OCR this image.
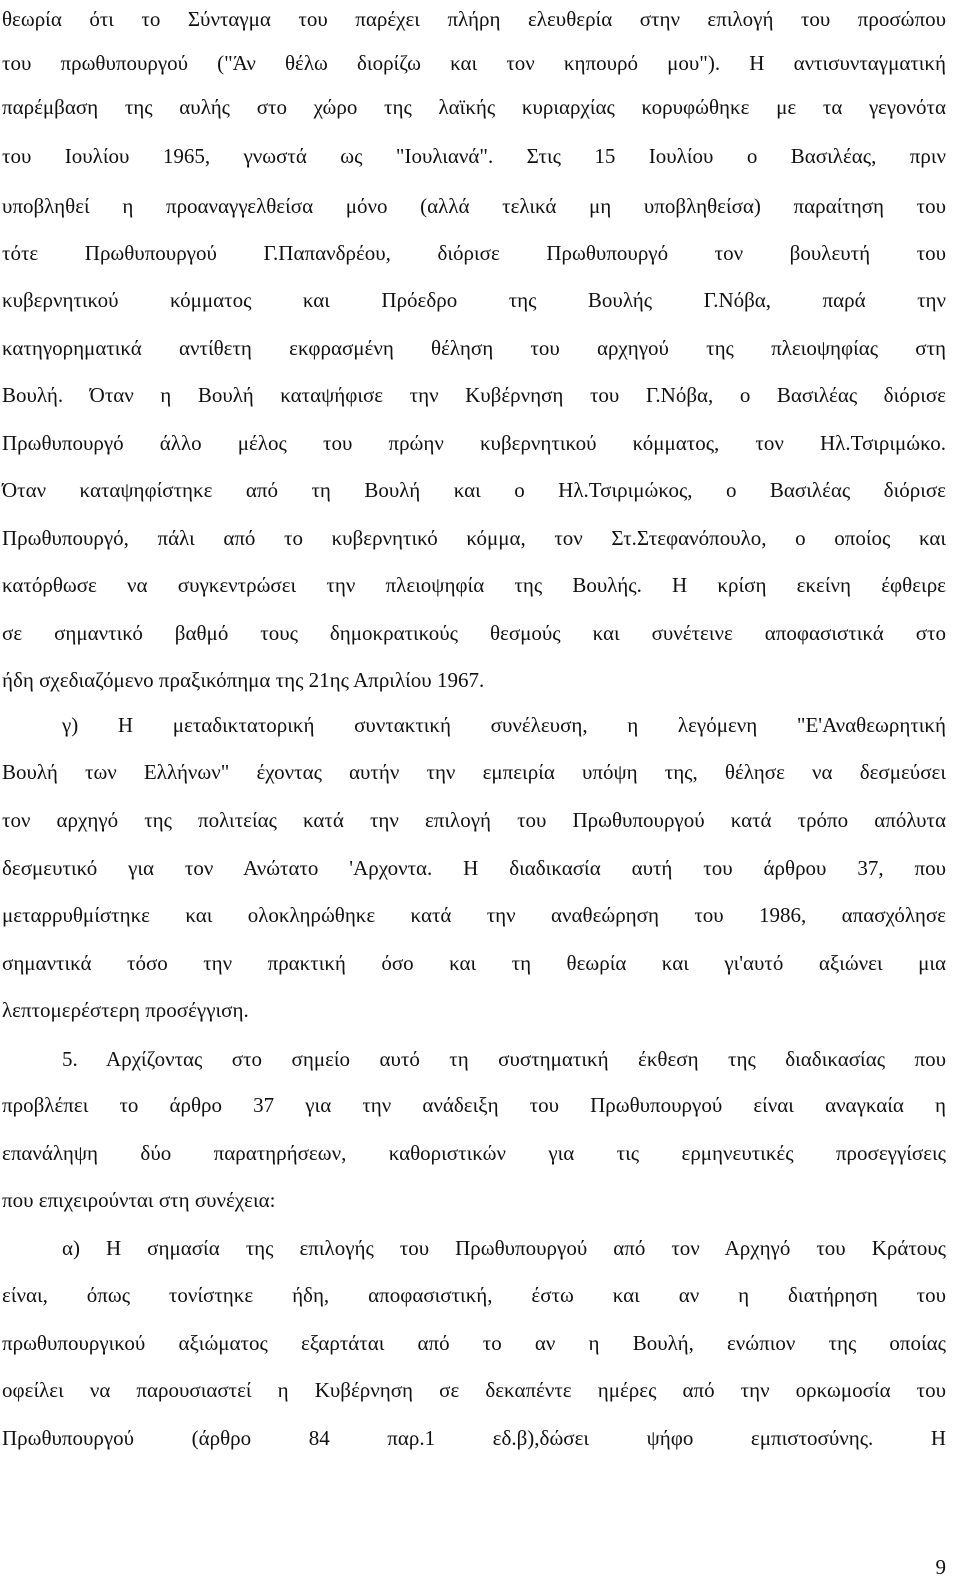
θεωρία ότι το Σύνταγμα του παρέχει πλήρη ελευθερία στην επιλογή του προσώπου
του πρωθυπουργού ("Άν θέλω διορίζω και τον κηπουρό μου"). Η αντισυνταγματική
παρέμβαση της αυλής στο χώρο της λαϊκής κυριαρχίας κορυφώθηκε με τα γεγονότα
του Ιουλίου 1965, γνωστά ως "Ιουλιανά". Στις 15 Ιουλίου ο Βασιλέας, πριν
υποβληθεί η προαναγγελθείσα μόνο (αλλά τελικά μη υποβληθείσα) παραίτηση του
τότε Πρωθυπουργού Γ.Παπανδρέου, διόρισε Πρωθυπουργό τον βουλευτή του
κυβερνητικού κόμματος και Πρόεδρο της Βουλής Γ.Νόβα, παρά την
κατηγορηματικά αντίθετη εκφρασμένη θέληση του αρχηγού της πλειοψηφίας στη
Βουλή. Όταν η Βουλή καταψήφισε την Κυβέρνηση του Γ.Νόβα, ο Βασιλέας διόρισε
Πρωθυπουργό άλλο μέλος του πρώην κυβερνητικού κόμματος, τον Ηλ.Τσιριμώκο.
Όταν καταψηφίστηκε από τη Βουλή και ο Ηλ.Τσιριμώκος, ο Βασιλέας διόρισε
Πρωθυπουργό, πάλι από το κυβερνητικό κόμμα, τον Στ.Στεφανόπουλο, ο οποίος και
κατόρθωσε να συγκεντρώσει την πλειοψηφία της Βουλής. Η κρίση εκείνη έφθειρε
σε σημαντικό βαθμό τους δημοκρατικούς θεσμούς και συνέτεινε αποφασιστικά στο
ήδη σχεδιαζόμενο πραξικόπημα της 21ης Απριλίου 1967.
γ) Η μεταδικτατορική συντακτική συνέλευση, η λεγόμενη "Ε'Αναθεωρητική
Βουλή των Ελλήνων" έχοντας αυτήν την εμπειρία υπόψη της, θέλησε να δεσμεύσει
τον αρχηγό της πολιτείας κατά την επιλογή του Πρωθυπουργού κατά τρόπο απόλυτα
δεσμευτικό για τον Ανώτατο 'Αρχοντα. Η διαδικασία αυτή του άρθρου 37, που
μεταρρυθμίστηκε και ολοκληρώθηκε κατά την αναθεώρηση του 1986, απασχόλησε
σημαντικά τόσο την πρακτική όσο και τη θεωρία και γι'αυτό αξιώνει μια
λεπτομερέστερη προσέγγιση.
5. Αρχίζοντας στο σημείο αυτό τη συστηματική έκθεση της διαδικασίας που
προβλέπει το άρθρο 37 για την ανάδειξη του Πρωθυπουργού είναι αναγκαία η
επανάληψη δύο παρατηρήσεων, καθοριστικών για τις ερμηνευτικές προσεγγίσεις
που επιχειρούνται στη συνέχεια:
α) Η σημασία της επιλογής του Πρωθυπουργού από τον Αρχηγό του Κράτους
είναι, όπως τονίστηκε ήδη, αποφασιστική, έστω και αν η διατήρηση του
πρωθυπουργικού αξιώματος εξαρτάται από το αν η Βουλή, ενώπιον της οποίας
οφείλει να παρουσιαστεί η Κυβέρνηση σε δεκαπέντε ημέρες από την ορκωμοσία του
Πρωθυπουργού (άρθρο 84 παρ.1 εδ.β),δώσει ψήφο εμπιστοσύνης. Η
9
